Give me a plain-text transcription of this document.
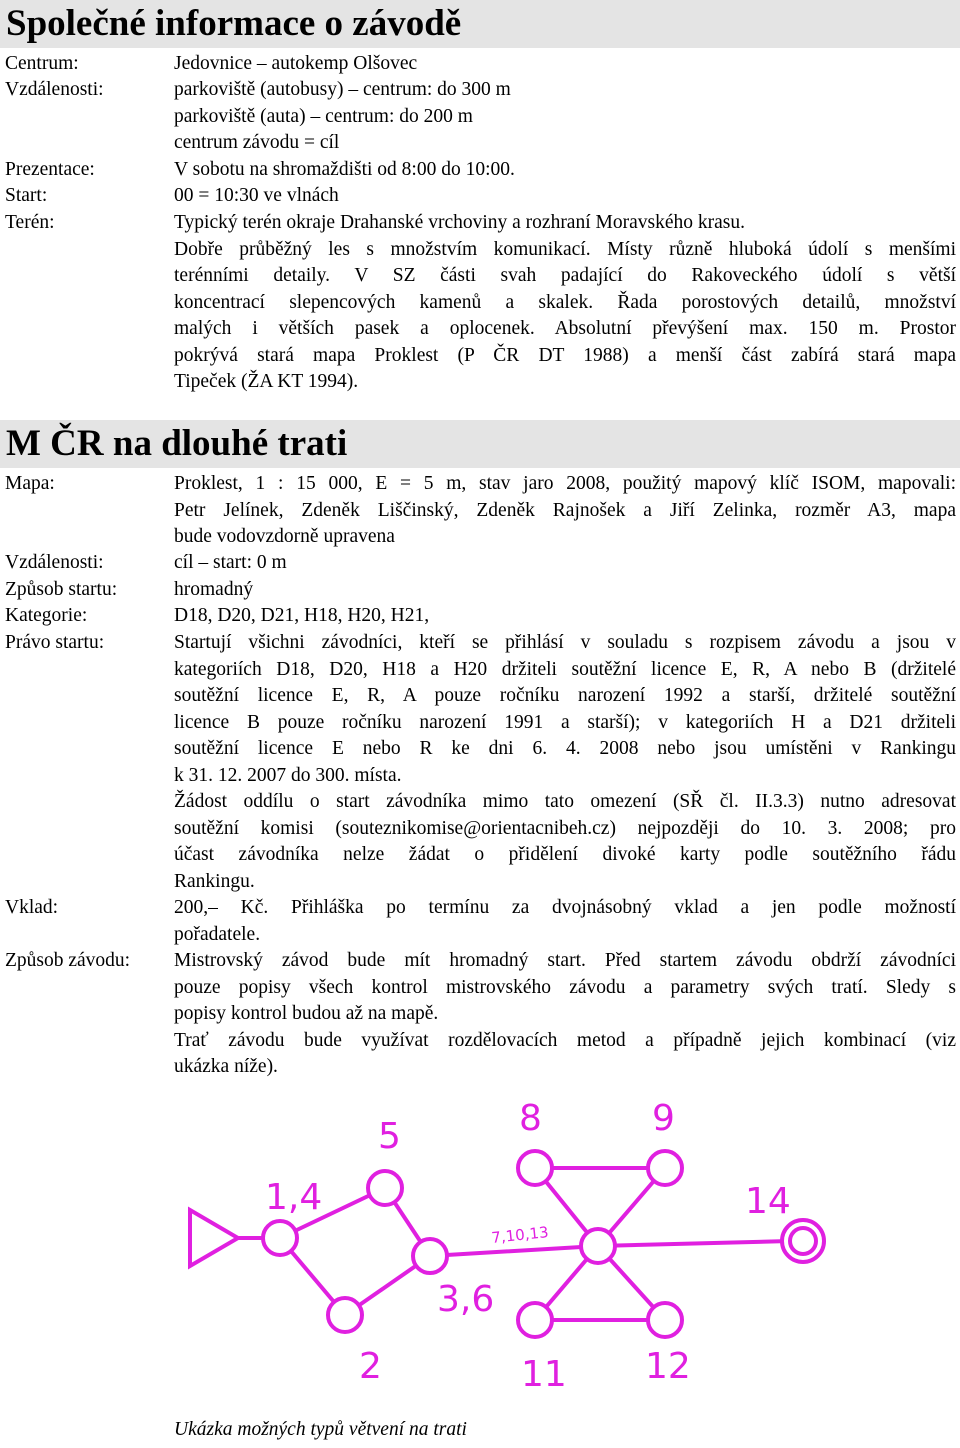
Společné informace o závodě
Centrum:	Jedovnice – autokemp Olšovec
Vzdálenosti:	parkoviště (autobusy) – centrum: do 300 m
parkoviště (auta) – centrum: do 200 m
centrum závodu = cíl
Prezentace:	V sobotu na shromaždišti od 8:00 do 10:00.
Start:	00 = 10:30 ve vlnách
Terén:	Typický terén okraje Drahanské vrchoviny a rozhraní Moravského krasu.
Dobře průběžný les s množstvím komunikací. Místy různě hluboká údolí s menšími
terénními detaily. V SZ části svah padající do Rakoveckého údolí s větší
koncentrací slepencových kamenů a skalek. Řada porostových detailů, množství
malých i větších pasek a oplocenek. Absolutní převýšení max. 150 m. Prostor
pokrývá stará mapa Proklest (P ČR DT 1988) a menší část zabírá stará mapa
Tipeček (ŽA KT 1994).
M ČR na dlouhé trati
Mapa:	Proklest, 1 : 15 000, E = 5 m, stav jaro 2008, použitý mapový klíč ISOM, mapovali:
Petr Jelínek, Zdeněk Liščinský, Zdeněk Rajnošek a Jiří Zelinka, rozměr A3, mapa
bude vodovzdorně upravena
Vzdálenosti:	cíl – start: 0 m
Způsob startu:	hromadný
Kategorie:	D18, D20, D21, H18, H20, H21,
Právo startu:	Startují všichni závodníci, kteří se přihlásí v souladu s rozpisem závodu a jsou v
kategoriích D18, D20, H18 a H20 držiteli soutěžní licence E, R, A nebo B (držitelé
soutěžní licence E, R, A pouze ročníku narození 1992 a starší, držitelé soutěžní
licence B pouze ročníku narození 1991 a starší); v kategoriích H a D21 držiteli
soutěžní licence E nebo R ke dni 6. 4. 2008 nebo jsou umístěni v Rankingu
k 31. 12. 2007 do 300. místa.
Žádost oddílu o start závodníka mimo tato omezení (SŘ čl. II.3.3) nutno adresovat
soutěžní komisi (souteznikomise@orientacnibeh.cz) nejpozději do 10. 3. 2008; pro
účast závodníka nelze žádat o přidělení divoké karty podle soutěžního řádu
Rankingu.
Vklad:	200,– Kč. Přihláška po termínu za dvojnásobný vklad a jen podle možností
pořadatele.
Způsob závodu: Mistrovský závod bude mít hromadný start. Před startem závodu obdrží závodníci
pouze popisy všech kontrol mistrovského závodu a parametry svých tratí. Sledy s
popisy kontrol budou až na mapě.
Trať závodu bude využívat rozdělovacích metod a případně jejich kombinací (viz
ukázka níže).
1,4
5	8	9
7,10,13
3,6
14
2	11 12
Ukázka možných typů větvení na trati
